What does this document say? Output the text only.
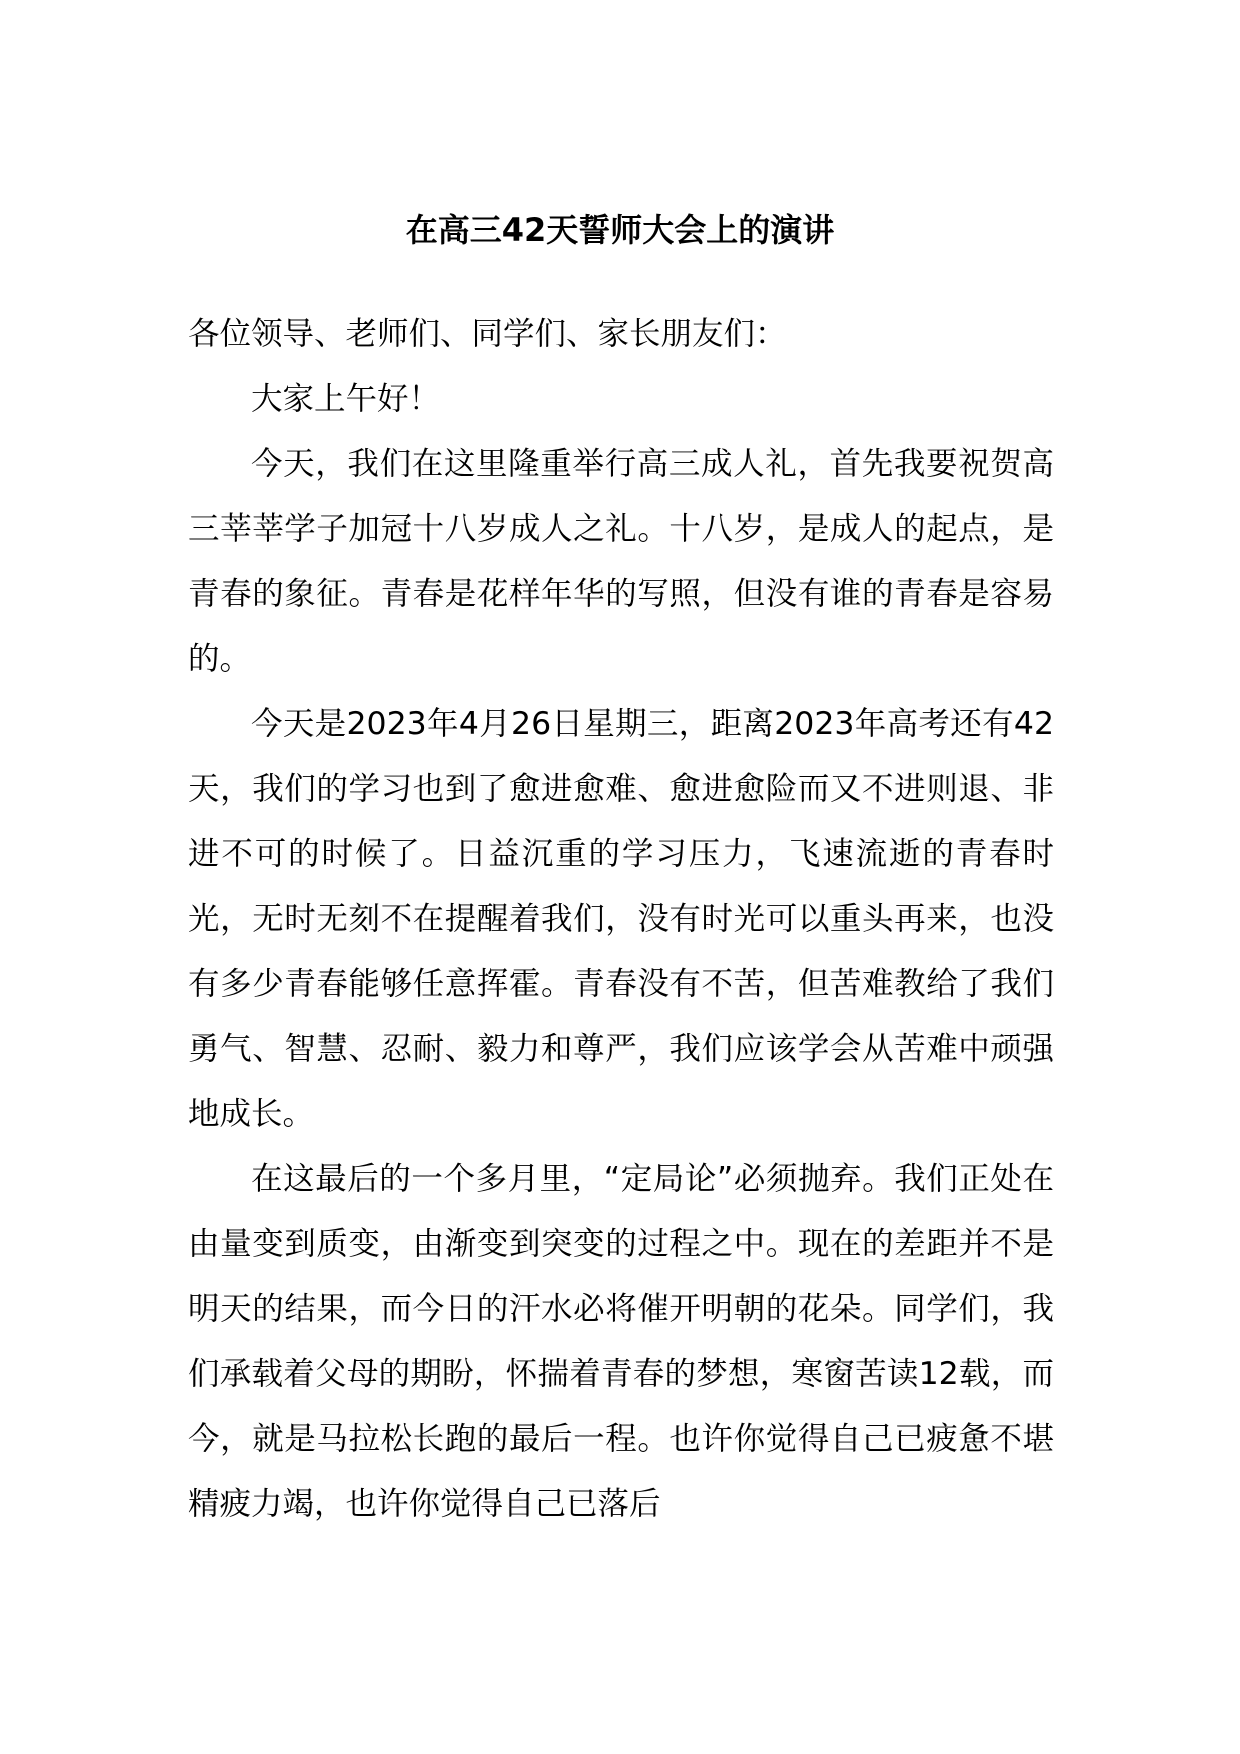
在高三42天誓师大会上的演讲

各位领导、老师们、同学们、家长朋友们：

大家上午好！

今天，我们在这里隆重举行高三成人礼，首先我要祝贺高三莘莘学子加冠十八岁成人之礼。十八岁，是成人的起点，是青春的象征。青春是花样年华的写照，但没有谁的青春是容易的。

今天是2023年4月26日星期三，距离2023年高考还有42天，我们的学习也到了愈进愈难、愈进愈险而又不进则退、非进不可的时候了。日益沉重的学习压力，飞速流逝的青春时光，无时无刻不在提醒着我们，没有时光可以重头再来，也没有多少青春能够任意挥霍。青春没有不苦，但苦难教给了我们勇气、智慧、忍耐、毅力和尊严，我们应该学会从苦难中顽强地成长。

在这最后的一个多月里，“定局论”必须抛弃。我们正处在由量变到质变，由渐变到突变的过程之中。现在的差距并不是明天的结果，而今日的汗水必将催开明朝的花朵。同学们，我们承载着父母的期盼，怀揣着青春的梦想，寒窗苦读12载，而今，就是马拉松长跑的最后一程。也许你觉得自己已疲惫不堪精疲力竭，也许你觉得自己已落后
